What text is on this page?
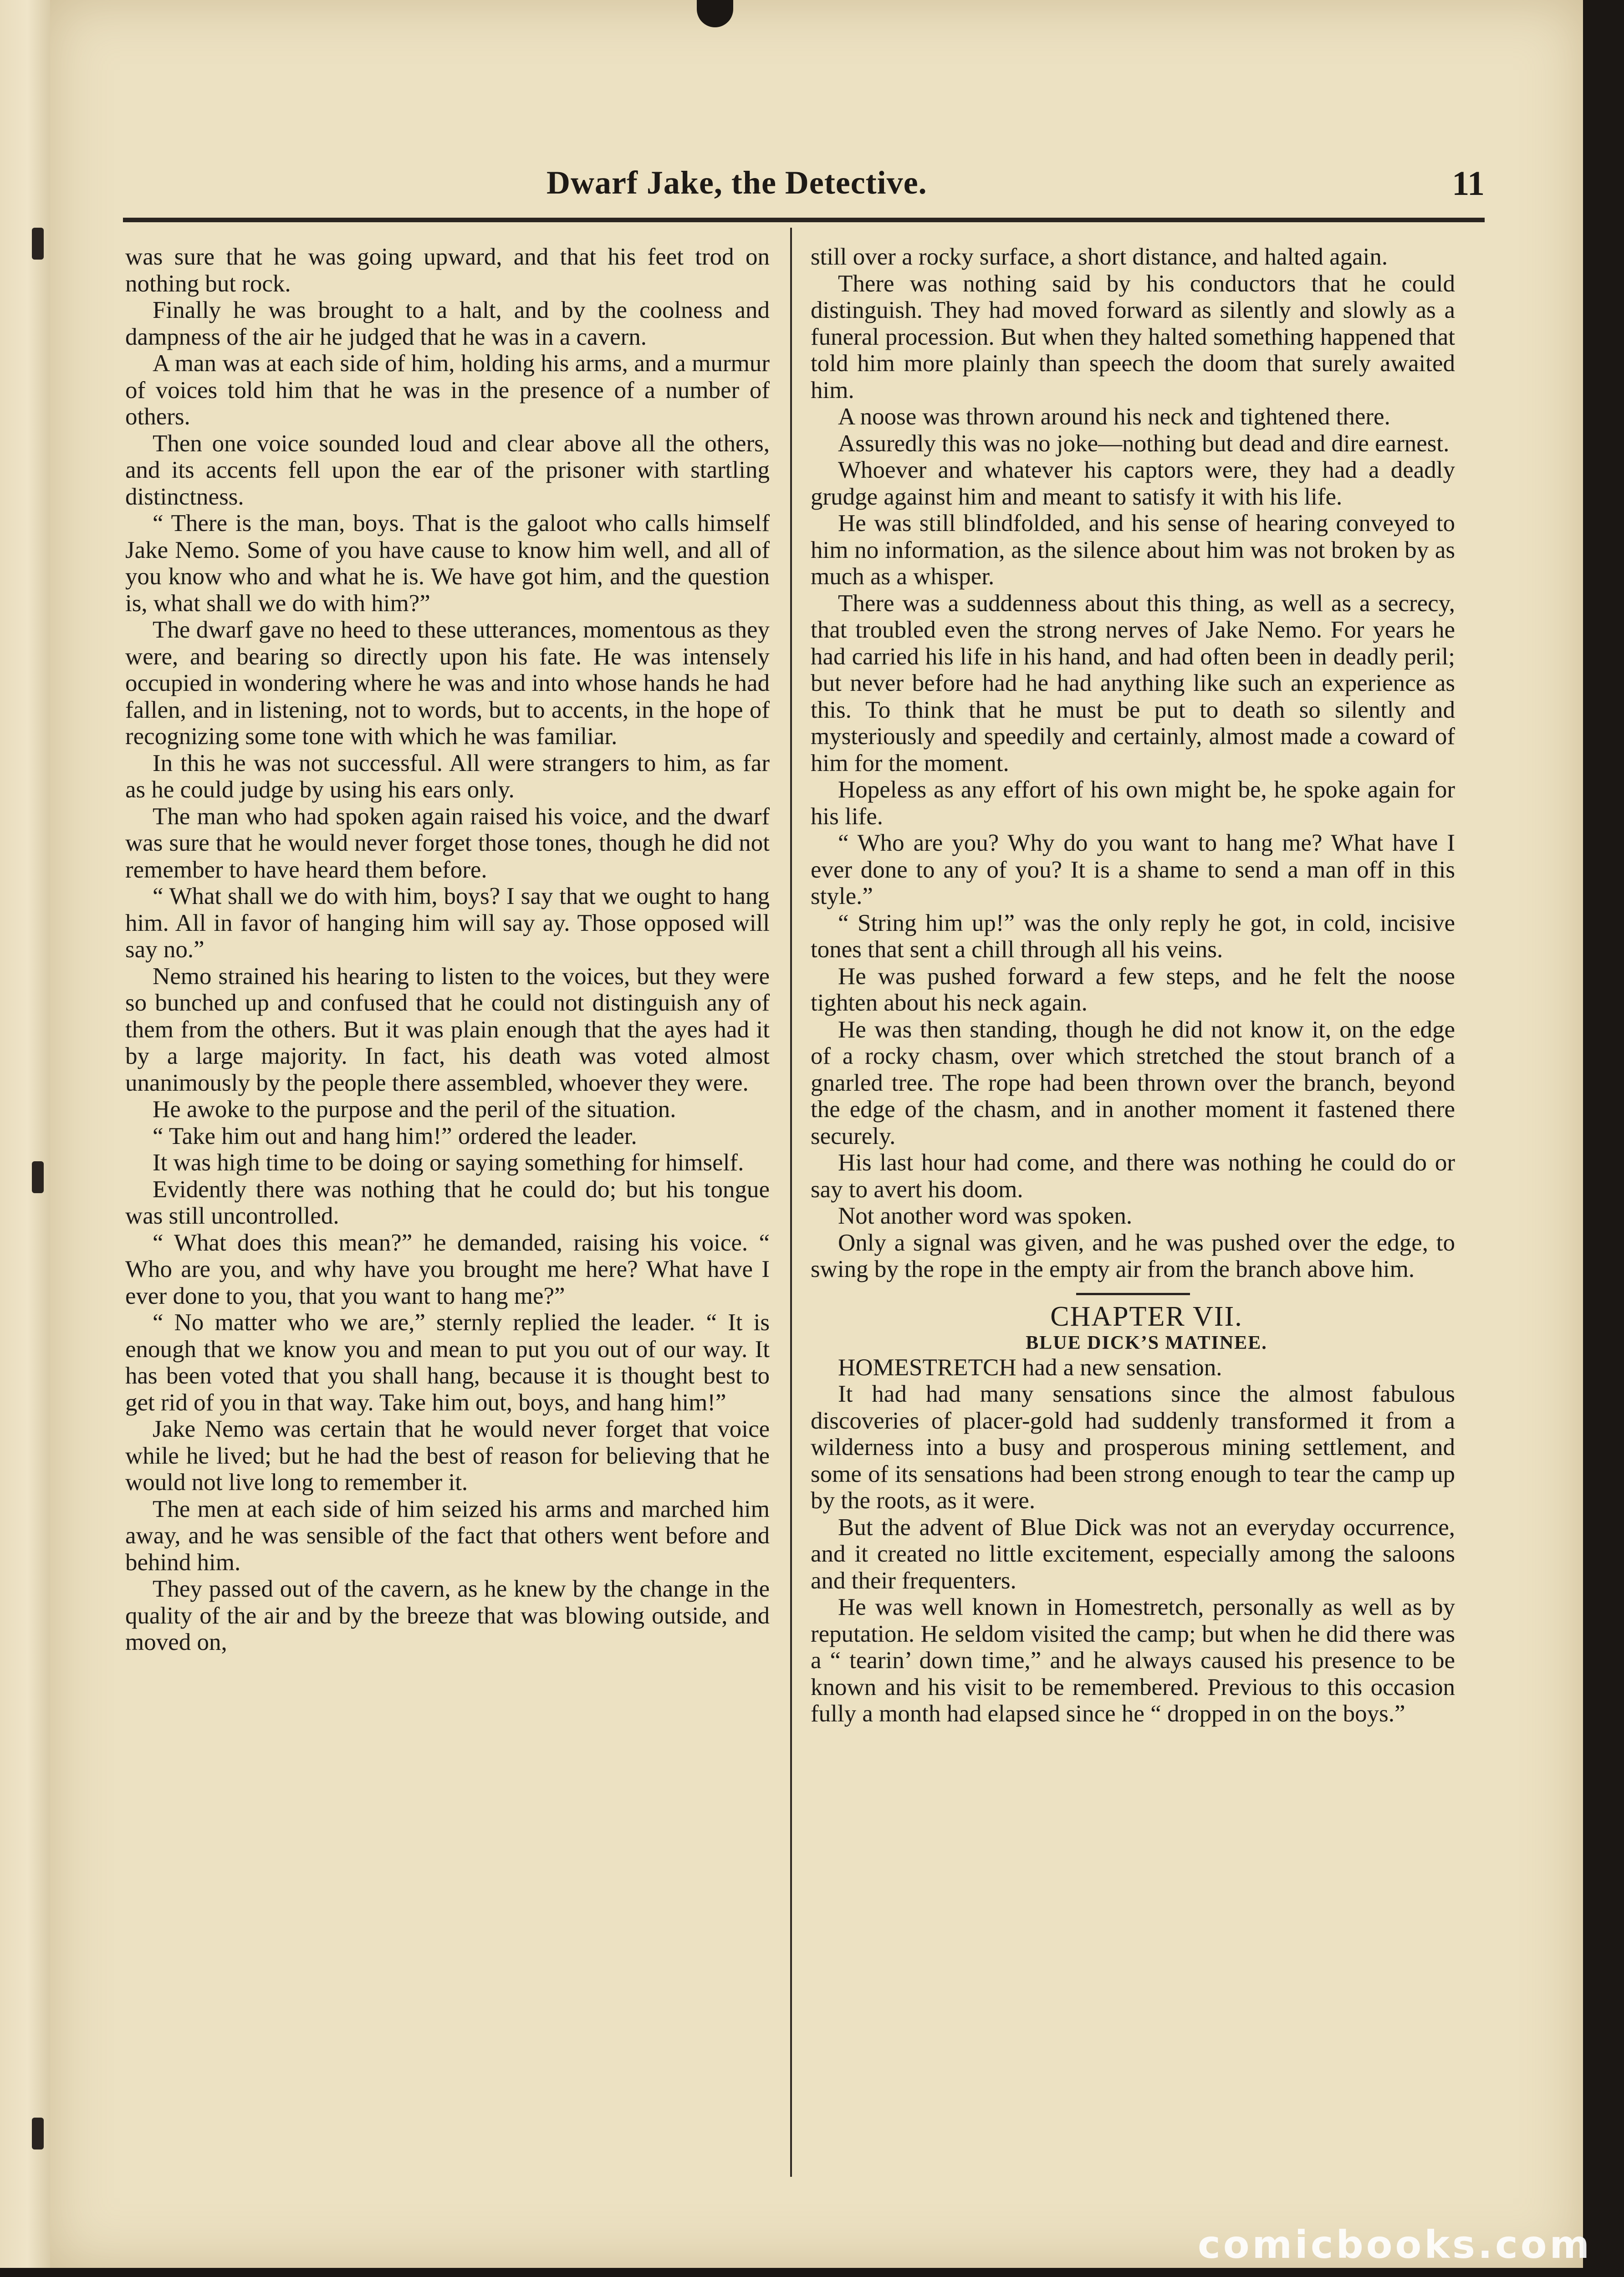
Dwarf Jake, the Detective.	11

was sure that he was going upward, and that his feet trod on nothing but rock.

Finally he was brought to a halt, and by the coolness and dampness of the air he judged that he was in a cavern.

A man was at each side of him, holding his arms, and a murmur of voices told him that he was in the presence of a number of others.

Then one voice sounded loud and clear above all the others, and its accents fell upon the ear of the prisoner with startling distinctness.

“ There is the man, boys. That is the galoot who calls himself Jake Nemo. Some of you have cause to know him well, and all of you know who and what he is. We have got him, and the question is, what shall we do with him?”

The dwarf gave no heed to these utterances, momentous as they were, and bearing so directly upon his fate. He was intensely occupied in wondering where he was and into whose hands he had fallen, and in listening, not to words, but to accents, in the hope of recognizing some tone with which he was familiar.

In this he was not successful. All were strangers to him, as far as he could judge by using his ears only.

The man who had spoken again raised his voice, and the dwarf was sure that he would never forget those tones, though he did not remember to have heard them before.

“ What shall we do with him, boys? I say that we ought to hang him. All in favor of hanging him will say ay. Those opposed will say no.”

Nemo strained his hearing to listen to the voices, but they were so bunched up and confused that he could not distinguish any of them from the others. But it was plain enough that the ayes had it by a large majority. In fact, his death was voted almost unanimously by the people there assembled, whoever they were.

He awoke to the purpose and the peril of the situation.

“ Take him out and hang him!” ordered the leader.

It was high time to be doing or saying something for himself.

Evidently there was nothing that he could do; but his tongue was still uncontrolled.

“ What does this mean?” he demanded, raising his voice. “ Who are you, and why have you brought me here? What have I ever done to you, that you want to hang me?”

“ No matter who we are,” sternly replied the leader. “ It is enough that we know you and mean to put you out of our way. It has been voted that you shall hang, because it is thought best to get rid of you in that way. Take him out, boys, and hang him!”

Jake Nemo was certain that he would never forget that voice while he lived; but he had the best of reason for believing that he would not live long to remember it.

The men at each side of him seized his arms and marched him away, and he was sensible of the fact that others went before and behind him.

They passed out of the cavern, as he knew by the change in the quality of the air and by the breeze that was blowing outside, and moved on,

still over a rocky surface, a short distance, and halted again.

There was nothing said by his conductors that he could distinguish. They had moved forward as silently and slowly as a funeral procession. But when they halted something happened that told him more plainly than speech the doom that surely awaited him.

A noose was thrown around his neck and tightened there.

Assuredly this was no joke—nothing but dead and dire earnest.

Whoever and whatever his captors were, they had a deadly grudge against him and meant to satisfy it with his life.

He was still blindfolded, and his sense of hearing conveyed to him no information, as the silence about him was not broken by as much as a whisper.

There was a suddenness about this thing, as well as a secrecy, that troubled even the strong nerves of Jake Nemo. For years he had carried his life in his hand, and had often been in deadly peril; but never before had he had anything like such an experience as this. To think that he must be put to death so silently and mysteriously and speedily and certainly, almost made a coward of him for the moment.

Hopeless as any effort of his own might be, he spoke again for his life.

“ Who are you? Why do you want to hang me? What have I ever done to any of you? It is a shame to send a man off in this style.”

“ String him up!” was the only reply he got, in cold, incisive tones that sent a chill through all his veins.

He was pushed forward a few steps, and he felt the noose tighten about his neck again.

He was then standing, though he did not know it, on the edge of a rocky chasm, over which stretched the stout branch of a gnarled tree. The rope had been thrown over the branch, beyond the edge of the chasm, and in another moment it fastened there securely.

His last hour had come, and there was nothing he could do or say to avert his doom.

Not another word was spoken.

Only a signal was given, and he was pushed over the edge, to swing by the rope in the empty air from the branch above him.

CHAPTER VII.

BLUE DICK’S MATINEE.

HOMESTRETCH had a new sensation.

It had had many sensations since the almost fabulous discoveries of placer-gold had suddenly transformed it from a wilderness into a busy and prosperous mining settlement, and some of its sensations had been strong enough to tear the camp up by the roots, as it were.

But the advent of Blue Dick was not an everyday occurrence, and it created no little excitement, especially among the saloons and their frequenters.

He was well known in Homestretch, personally as well as by reputation. He seldom visited the camp; but when he did there was a “ tearin’ down time,” and he always caused his presence to be known and his visit to be remembered. Previous to this occasion fully a month had elapsed since he “ dropped in on the boys.”

comicbooks.com
